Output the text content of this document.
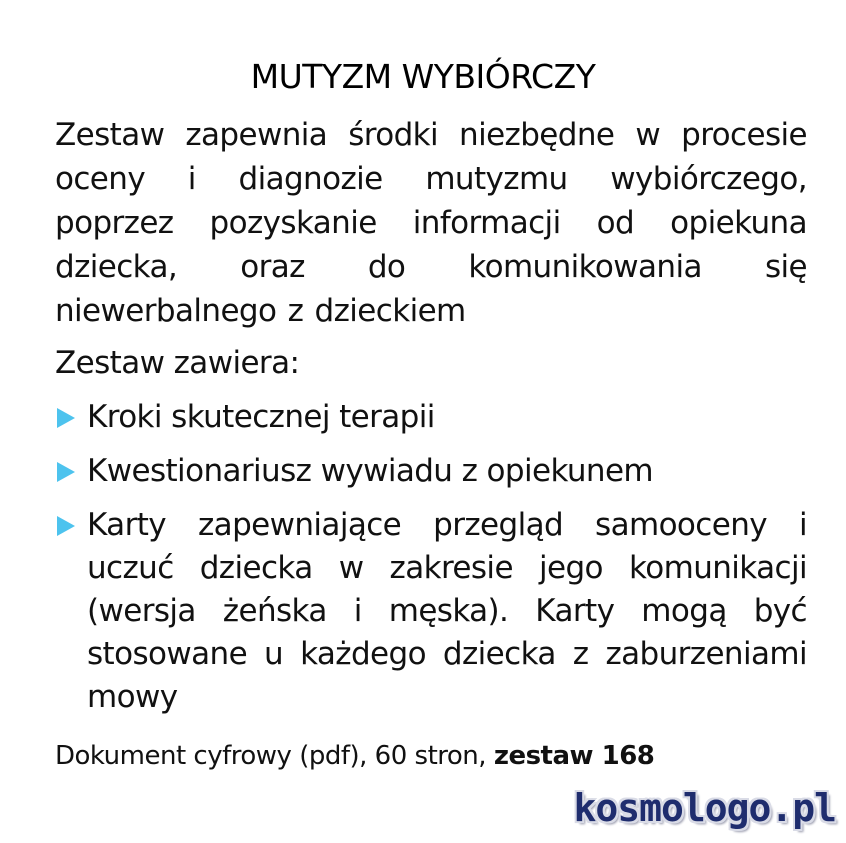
MUTYZM WYBIÓRCZY
Zestaw zapewnia środki niezbędne w procesie oceny i diagnozie mutyzmu wybiórczego, poprzez pozyskanie informacji od opiekuna dziecka, oraz do komunikowania się niewerbalnego z dzieckiem
Zestaw zawiera:
Kroki skutecznej terapii
Kwestionariusz wywiadu z opiekunem
Karty zapewniające przegląd samooceny i uczuć dziecka w zakresie jego komunikacji (wersja żeńska i męska). Karty mogą być stosowane u każdego dziecka z zaburzeniami mowy
Dokument cyfrowy (pdf), 60 stron, zestaw 168
kosmologo.pl
